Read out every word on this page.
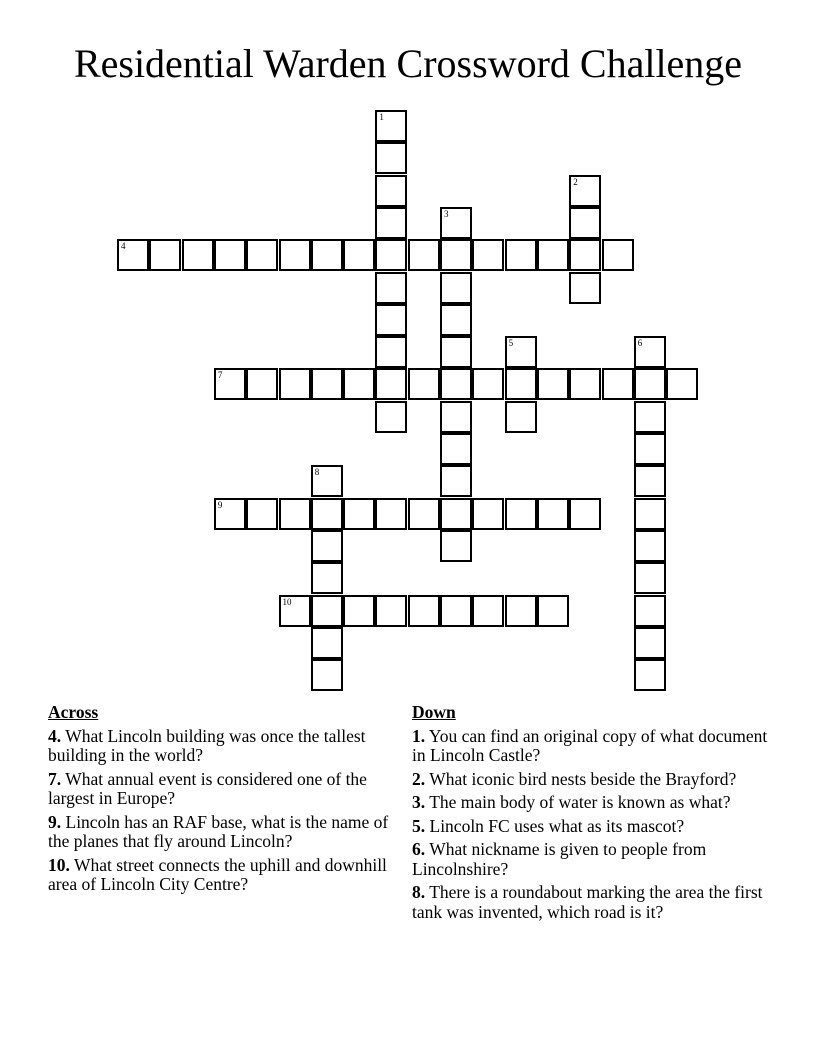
Residential Warden Crossword Challenge
1
2
3
4
5	6
7
8
9
10
Across
4. What Lincoln building was once the tallest building in the world?
7. What annual event is considered one of the largest in Europe?
9. Lincoln has an RAF base, what is the name of the planes that fly around Lincoln?
10. What street connects the uphill and downhill area of Lincoln City Centre?
Down
1. You can find an original copy of what document in Lincoln Castle?
2. What iconic bird nests beside the Brayford?
3. The main body of water is known as what?
5. Lincoln FC uses what as its mascot?
6. What nickname is given to people from Lincolnshire?
8. There is a roundabout marking the area the first tank was invented, which road is it?
